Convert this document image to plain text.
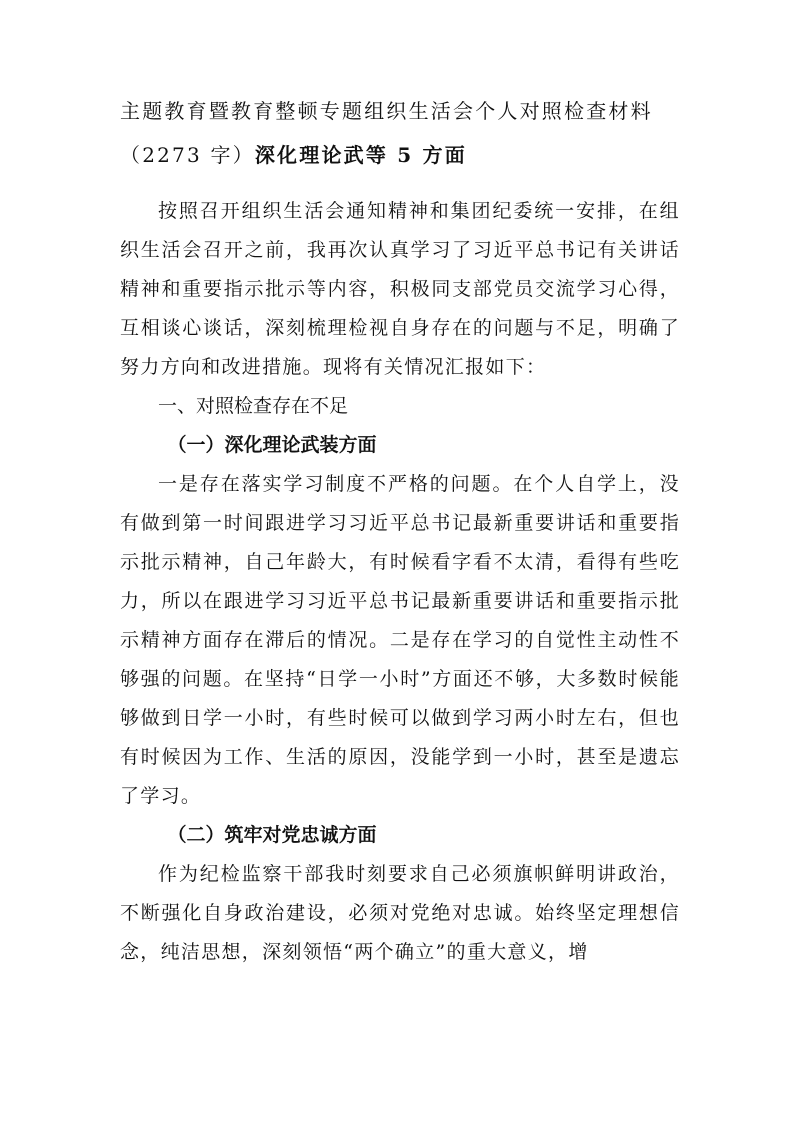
主题教育暨教育整顿专题组织生活会个人对照检查材料
（2273 字）深化理论武等 5 方面

按照召开组织生活会通知精神和集团纪委统一安排，在组织生活会召开之前，我再次认真学习了习近平总书记有关讲话精神和重要指示批示等内容，积极同支部党员交流学习心得，互相谈心谈话，深刻梳理检视自身存在的问题与不足，明确了努力方向和改进措施。现将有关情况汇报如下：

一、对照检查存在不足
（一）深化理论武装方面

一是存在落实学习制度不严格的问题。在个人自学上，没有做到第一时间跟进学习习近平总书记最新重要讲话和重要指示批示精神，自己年龄大，有时候看字看不太清，看得有些吃力，所以在跟进学习习近平总书记最新重要讲话和重要指示批示精神方面存在滞后的情况。二是存在学习的自觉性主动性不够强的问题。在坚持“日学一小时”方面还不够，大多数时候能够做到日学一小时，有些时候可以做到学习两小时左右，但也有时候因为工作、生活的原因，没能学到一小时，甚至是遗忘了学习。

（二）筑牢对党忠诚方面

作为纪检监察干部我时刻要求自己必须旗帜鲜明讲政治，不断强化自身政治建设，必须对党绝对忠诚。始终坚定理想信念，纯洁思想，深刻领悟“两个确立”的重大意义，增
